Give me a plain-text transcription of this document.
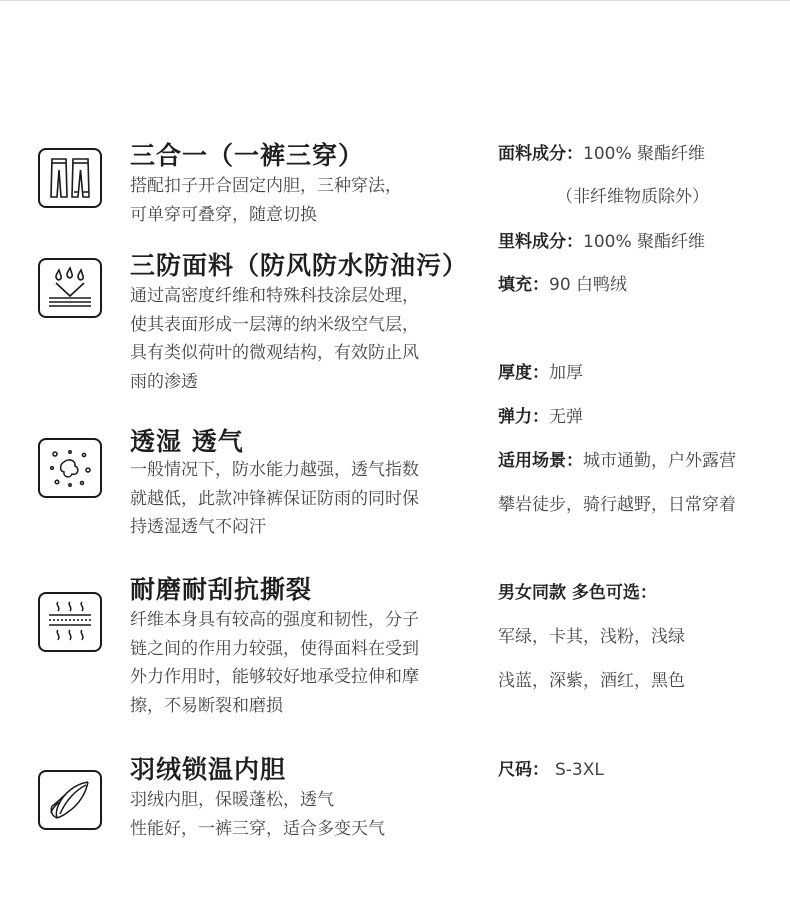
三合一（一裤三穿）
搭配扣子开合固定内胆，三种穿法，
可单穿可叠穿，随意切换
三防面料（防风防水防油污）
通过高密度纤维和特殊科技涂层处理，
使其表面形成一层薄的纳米级空气层，
具有类似荷叶的微观结构，有效防止风
雨的渗透
透湿 透气
一般情况下，防水能力越强，透气指数
就越低，此款冲锋裤保证防雨的同时保
持透湿透气不闷汗
耐磨耐刮抗撕裂
纤维本身具有较高的强度和韧性，分子
链之间的作用力较强，使得面料在受到
外力作用时，能够较好地承受拉伸和摩
擦，不易断裂和磨损
羽绒锁温内胆
羽绒内胆，保暖蓬松，透气
性能好，一裤三穿，适合多变天气
面料成分：100% 聚酯纤维
（非纤维物质除外）
里料成分：100% 聚酯纤维
填充：90 白鸭绒
厚度：加厚
弹力：无弹
适用场景：城市通勤，户外露营
攀岩徒步，骑行越野，日常穿着
男女同款 多色可选：
军绿，卡其，浅粉，浅绿
浅蓝，深紫，酒红，黑色
尺码： S-3XL
